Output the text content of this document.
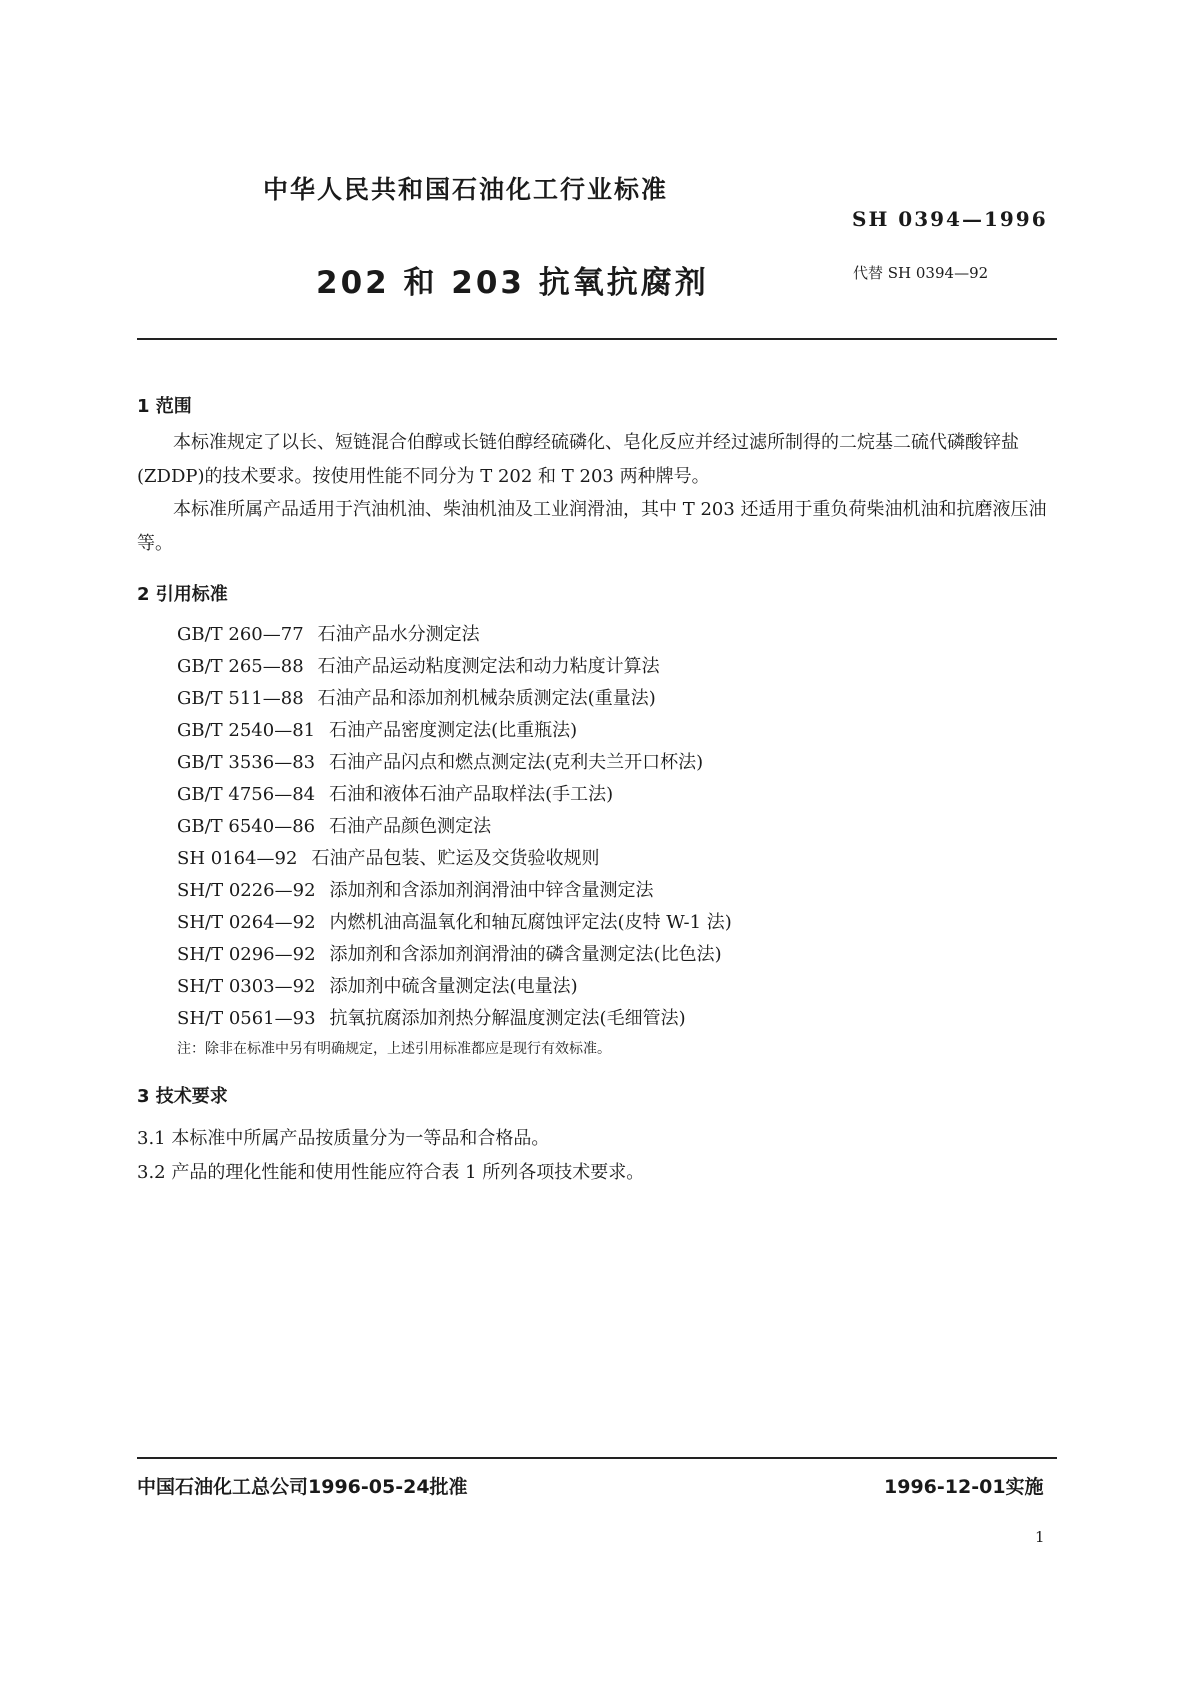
中华人民共和国石油化工行业标准
SH 0394—1996
202 和 203 抗氧抗腐剂	代替 SH 0394—92
1 范围
本标准规定了以长、短链混合伯醇或长链伯醇经硫磷化、皂化反应并经过滤所制得的二烷基二硫代磷酸锌盐(ZDDP)的技术要求。按使用性能不同分为 T 202 和 T 203 两种牌号。
本标准所属产品适用于汽油机油、柴油机油及工业润滑油，其中 T 203 还适用于重负荷柴油机油和抗磨液压油等。
2 引用标准
GB/T 260—77 石油产品水分测定法
GB/T 265—88 石油产品运动粘度测定法和动力粘度计算法
GB/T 511—88 石油产品和添加剂机械杂质测定法(重量法)
GB/T 2540—81 石油产品密度测定法(比重瓶法)
GB/T 3536—83 石油产品闪点和燃点测定法(克利夫兰开口杯法)
GB/T 4756—84 石油和液体石油产品取样法(手工法)
GB/T 6540—86 石油产品颜色测定法
SH 0164—92 石油产品包装、贮运及交货验收规则
SH/T 0226—92 添加剂和含添加剂润滑油中锌含量测定法
SH/T 0264—92 内燃机油高温氧化和轴瓦腐蚀评定法(皮特 W-1 法)
SH/T 0296—92 添加剂和含添加剂润滑油的磷含量测定法(比色法)
SH/T 0303—92 添加剂中硫含量测定法(电量法)
SH/T 0561—93 抗氧抗腐添加剂热分解温度测定法(毛细管法)
注：除非在标准中另有明确规定，上述引用标准都应是现行有效标准。
3 技术要求
3.1 本标准中所属产品按质量分为一等品和合格品。
3.2 产品的理化性能和使用性能应符合表 1 所列各项技术要求。
中国石油化工总公司1996-05-24批准	1996-12-01实施
1
